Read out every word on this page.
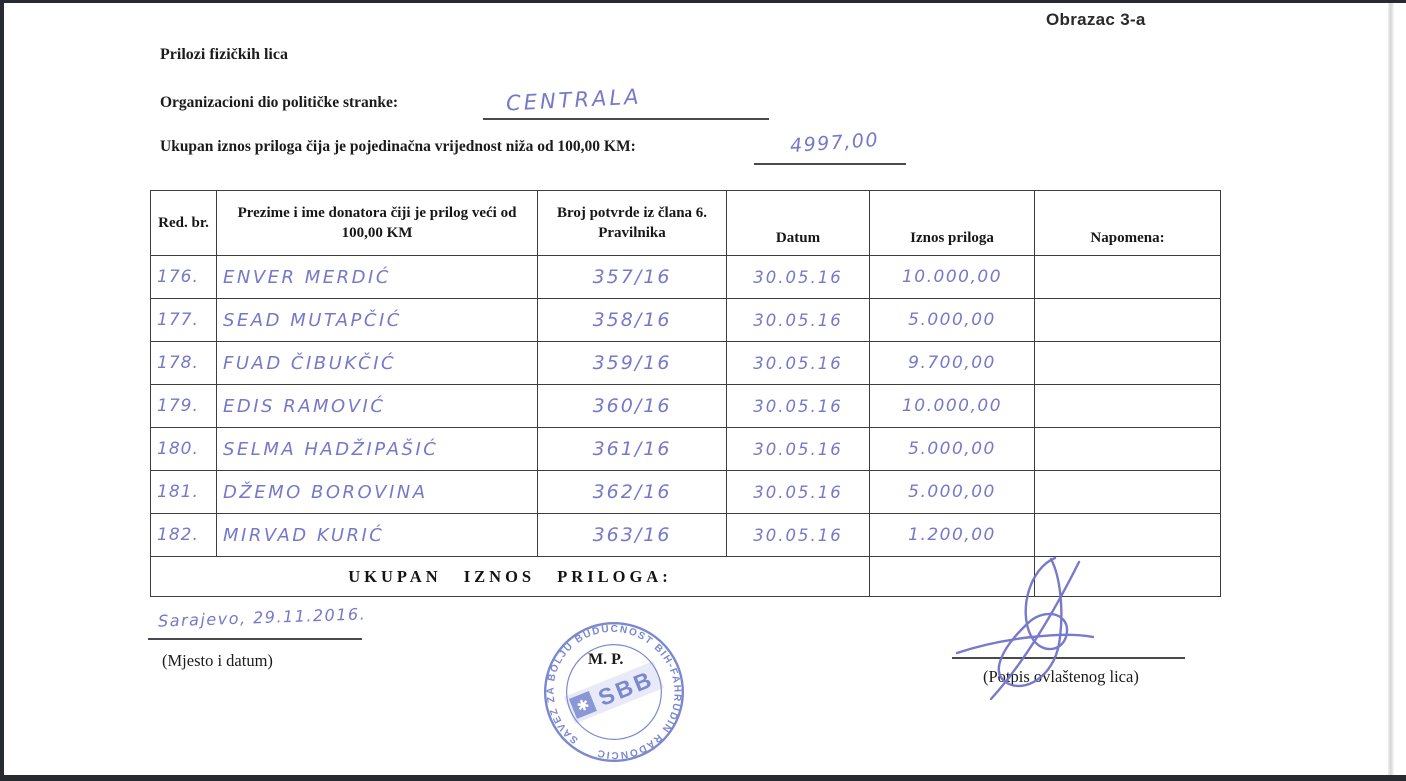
Obrazac 3-a
Prilozi fizičkih lica
Organizacioni dio političke stranke:	CENTRALA
Ukupan iznos priloga čija je pojedinačna vrijednost niža od 100,00 KM:	4997,00
Red. br.	Prezime i ime donatora čiji je prilog veći od 100,00 KM	Broj potvrde iz člana 6. Pravilnika	Datum	Iznos priloga	Napomena:
176.	ENVER MERDIĆ	357/16	30.05.16	10.000,00	
177.	SEAD MUTAPČIĆ	358/16	30.05.16	5.000,00	
178.	FUAD ČIBUKČIĆ	359/16	30.05.16	9.700,00	
179.	EDIS RAMOVIĆ	360/16	30.05.16	10.000,00	
180.	SELMA HADŽIPAŠIĆ	361/16	30.05.16	5.000,00	
181.	DŽEMO BOROVINA	362/16	30.05.16	5.000,00	
182.	MIRVAD KURIĆ	363/16	30.05.16	1.200,00	
UKUPAN IZNOS PRILOGA:					
Sarajevo, 29.11.2016.
(Mjesto i datum)	M. P.
SAVEZ ZA BOLJU BUDUĆNOST BIH-FAHRUDIN RADONČIĆ
✱ SBB	(Potpis ovlaštenog lica)
